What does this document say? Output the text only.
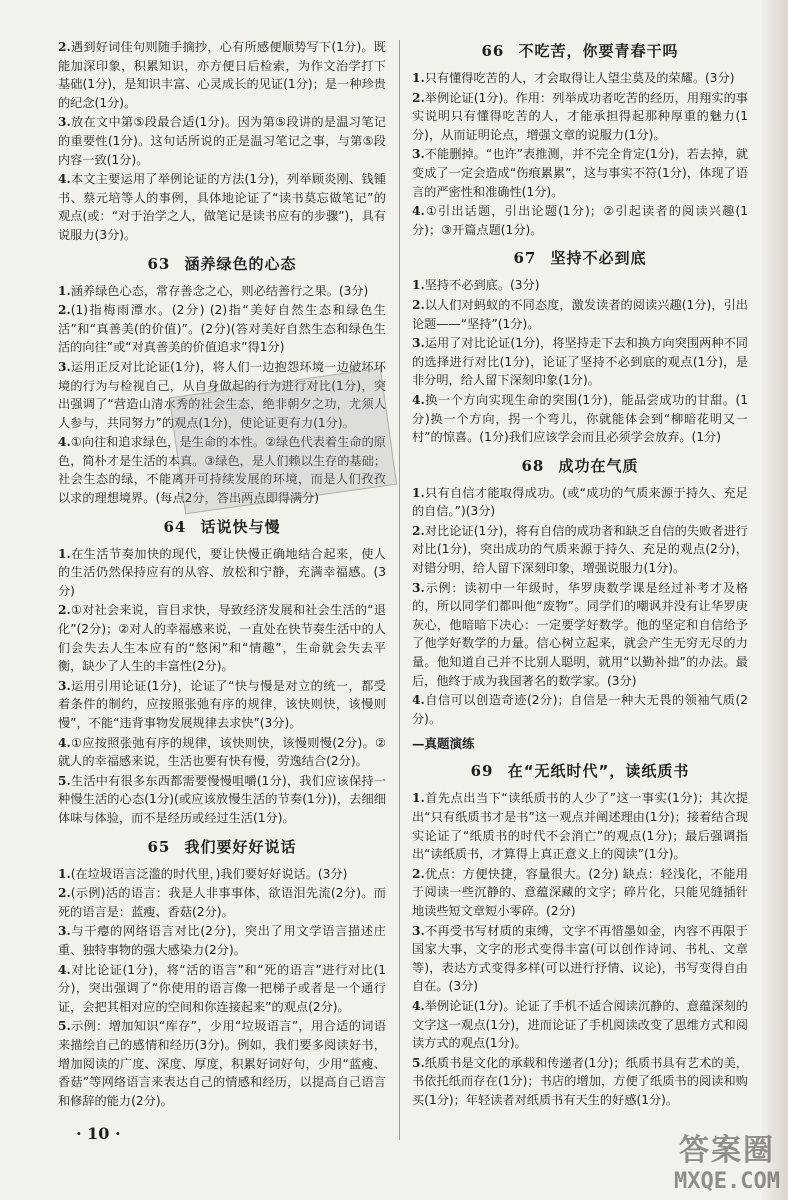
2.遇到好词佳句则随手摘抄，心有所感便顺势写下(1分)。既能加深印象，积累知识，亦方便日后检索，为作文治学打下基础(1分)，是知识丰富、心灵成长的见证(1分)；是一种珍贵的纪念(1分)。
3.放在文中第⑤段最合适(1分)。因为第⑤段讲的是温习笔记的重要性(1分)。这句话所说的正是温习笔记之事，与第⑤段内容一致(1分)。
4.本文主要运用了举例论证的方法(1分)，列举顾炎刚、钱锺书、蔡元培等人的事例，具体地论证了“读书莫忘做笔记”的观点(或：“对于治学之人，做笔记是读书应有的步骤”)，具有说服力(3分)。
63 涵养绿色的心态
1.涵养绿色心态，常存善念之心，则必结善行之果。(3分)
2.(1)指梅雨潭水。(2分) (2)指“美好自然生态和绿色生活”和“真善美(的价值)”。(2分)(答对美好自然生态和绿色生活的向往”或“对真善美的价值追求”得1分)
3.运用正反对比论证(1分)，将人们一边抱怨环境一边破坏环境的行为与检视自己，从自身做起的行为进行对比(1分)，突出强调了“营造山清水秀的社会生态，绝非朝夕之功，尤须人人参与，共同努力”的观点(1分)，使论证更有力(1分)。
4.①向往和追求绿色，是生命的本性。②绿色代表着生命的原色，简朴才是生活的本真。③绿色，是人们赖以生存的基础；社会生态的绿，不能离开可持续发展的环境，而是人们孜孜以求的理想境界。(每点2分，答出两点即得满分)
64 话说快与慢
1.在生活节奏加快的现代，要让快慢正确地结合起来，使人的生活仍然保持应有的从容、放松和宁静，充满幸福感。(3分)
2.①对社会来说，盲目求快，导致经济发展和社会生活的“退化”(2分)；②对人的幸福感来说，一直处在快节奏生活中的人们会失去人生本应有的“悠闲”和“情趣”，生命就会失去平衡，缺少了人生的丰富性(2分)。
3.运用引用论证(1分)，论证了“快与慢是对立的统一，都受着条件的制约，应按照张弛有序的规律，该快则快，该慢则慢”，不能“违背事物发展规律去求快”(3分)。
4.①应按照张弛有序的规律，该快则快，该慢则慢(2分)。②就人的幸福感来说，生活也要有快有慢，劳逸结合(2分)。
5.生活中有很多东西都需要慢慢咀嚼(1分)，我们应该保持一种慢生活的心态(1分)(或应该放慢生活的节奏(1分))，去细细体味与体验，而不是经历或经过生活(1分)。
65 我们要好好说话
1.(在垃圾语言泛滥的时代里，)我们要好好说话。(3分)
2.(示例)活的语言：我是人非事事体，欲语泪先流(2分)。而死的语言是：蓝瘦、香菇(2分)。
3.与干瘪的网络语言对比(2分)，突出了用文学语言描述庄重、独特事物的强大感染力(2分)。
4.对比论证(1分)，将“活的语言”和“死的语言”进行对比(1分)，突出强调了“你使用的语言像一把梯子或者是一个通行证，会把其相对应的空间和你连接起来”的观点(2分)。
5.示例：增加知识“库存”，少用“垃圾语言”，用合适的词语来描绘自己的感情和经历(3分)。例如，我们要多阅读好书，增加阅读的广度、深度、厚度，积累好词好句，少用“蓝瘦、香菇”等网络语言来表达自己的情感和经历，以提高自己语言和修辞的能力(2分)。
66 不吃苦，你要青春干吗
1.只有懂得吃苦的人，才会取得让人望尘莫及的荣耀。(3分)
2.举例论证(1分)。作用：列举成功者吃苦的经历，用翔实的事实说明只有懂得吃苦的人，才能承担得起那种厚重的魅力(1分)，从而证明论点，增强文章的说服力(1分)。
3.不能删掉。“也许”表推测，并不完全肯定(1分)，若去掉，就变成了一定会造成“伤痕累累”，这与事实不符(1分)，体现了语言的严密性和准确性(1分)。
4.①引出话题，引出论题(1分)；②引起读者的阅读兴趣(1分)；③开篇点题(1分)。
67 坚持不必到底
1.坚持不必到底。(3分)
2.以人们对蚂蚁的不同态度，激发读者的阅读兴趣(1分)，引出论题——“坚持”(1分)。
3.运用了对比论证(1分)，将坚持走下去和换方向突围两种不同的选择进行对比(1分)，论证了坚持不必到底的观点(1分)，是非分明，给人留下深刻印象(1分)。
4.换一个方向实现生命的突围(1分)，能品尝成功的甘甜。(1分)换一个方向，拐一个弯儿，你就能体会到“柳暗花明又一村”的惊喜。(1分)我们应该学会而且必须学会放弃。(1分)
68 成功在气质
1.只有自信才能取得成功。(或“成功的气质来源于持久、充足的自信。”)(3分)
2.对比论证(1分)，将有自信的成功者和缺乏自信的失败者进行对比(1分)，突出成功的气质来源于持久、充足的观点(2分)，对错分明，给人留下深刻印象，增强说服力(1分)。
3.示例：读初中一年级时，华罗庚数学课是经过补考才及格的，所以同学们都叫他“废物”。同学们的嘲讽并没有让华罗庚灰心，他暗暗下决心：一定要学好数学。他的坚定和自信给予了他学好数学的力量。信心树立起来，就会产生无穷无尽的力量。他知道自己并不比别人聪明，就用“以勤补拙”的办法。最后，他终于成为我国著名的数学家。(3分)
4.自信可以创造奇迹(2分)；自信是一种大无畏的领袖气质(2分)。
—真题演练
69 在“无纸时代”，读纸质书
1.首先点出当下“读纸质书的人少了”这一事实(1分)；其次提出“只有纸质书才是书”这一观点并阐述理由(1分)；接着结合现实论证了“纸质书的时代不会消亡”的观点(1分)；最后强调指出“读纸质书，才算得上真正意义上的阅读”(1分)。
2.优点：方便快捷，容量很大。(2分) 缺点：轻浅化，不能用于阅读一些沉静的、意蕴深藏的文字；碎片化，只能见缝插针地读些短文章短小零碎。(2分)
3.不再受书写材质的束缚，文字不再惜墨如金，内容不再限于国家大事，文字的形式变得丰富(可以创作诗词、书札、文章等)，表达方式变得多样(可以进行抒情、议论)，书写变得自由自在。(3分)
4.举例论证(1分)。论证了手机不适合阅读沉静的、意蕴深刻的文字这一观点(1分)，进而论证了手机阅读改变了思维方式和阅读方式的观点(1分)。
5.纸质书是文化的承载和传递者(1分)；纸质书具有艺术的美，书依托纸而存在(1分)；书店的增加，方便了纸质书的阅读和购买(1分)；年轻读者对纸质书有天生的好感(1分)。
· 10 ·	答案圈
MXQE.COM
